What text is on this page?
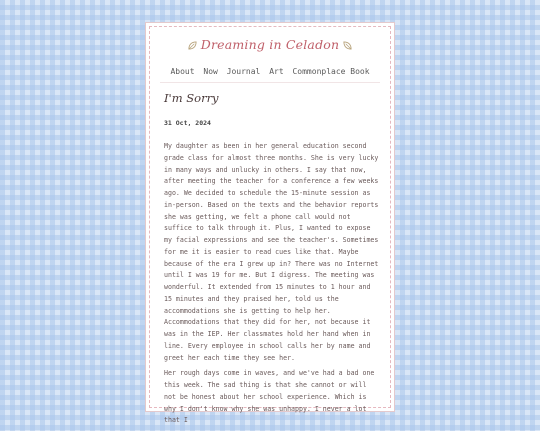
Dreaming in Celadon
About Now Journal Art Commonplace Book
I'm Sorry
31 Oct, 2024

My daughter as been in her general education second grade class for almost three months. She is very lucky in many ways and unlucky in others. I say that now, after meeting the teacher for a conference a few weeks ago. We decided to schedule the 15-minute session as in-person. Based on the texts and the behavior reports she was getting, we felt a phone call would not suffice to talk through it. Plus, I wanted to expose my facial expressions and see the teacher's. Sometimes for me it is easier to read cues like that. Maybe because of the era I grew up in? There was no Internet until I was 19 for me. But I digress. The meeting was wonderful. It extended from 15 minutes to 1 hour and 15 minutes and they praised her, told us the accommodations she is getting to help her. Accommodations that they did for her, not because it was in the IEP. Her classmates hold her hand when in line. Every employee in school calls her by name and greet her each time they see her.

Her rough days come in waves, and we've had a bad one this week. The sad thing is that she cannot or will not be honest about her school experience. Which is why I don't know why she was unhappy. I never a lot that I
